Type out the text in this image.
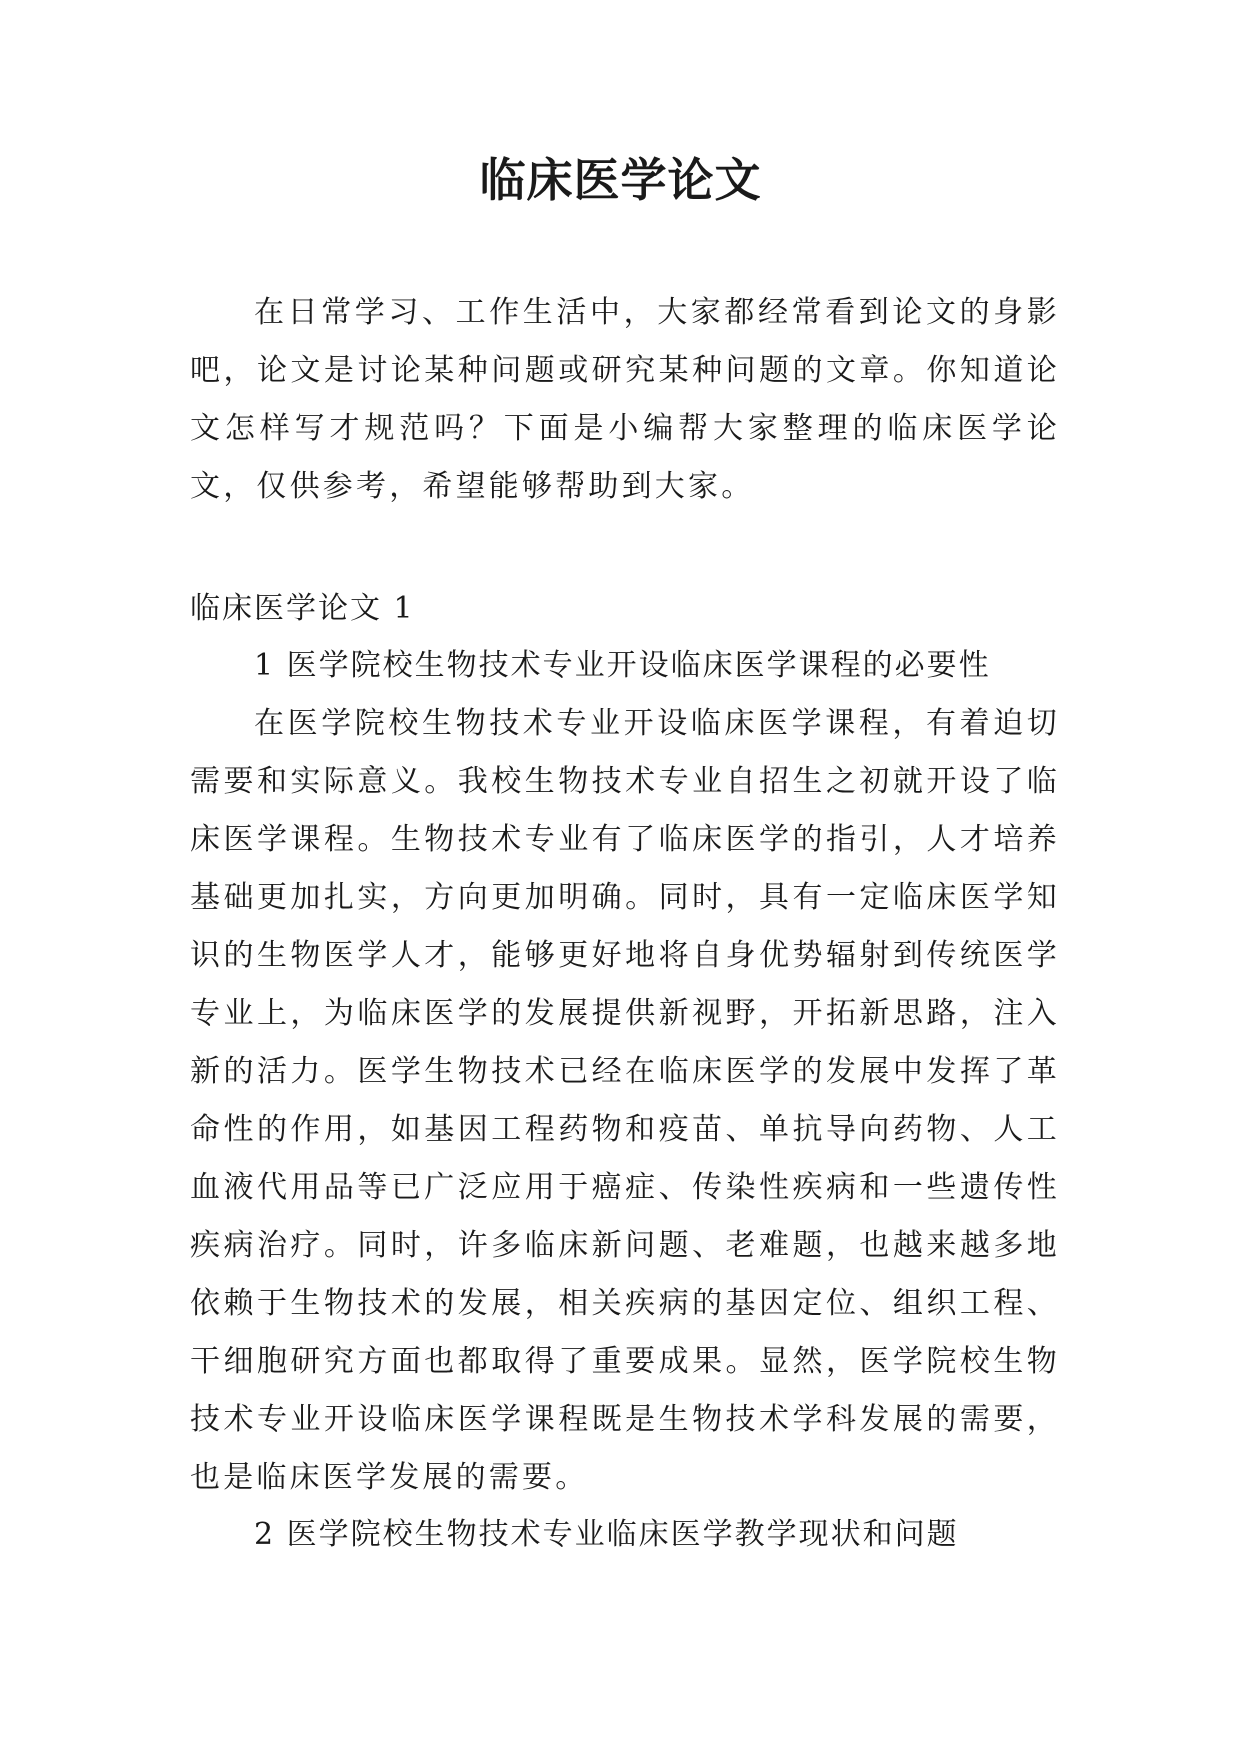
临床医学论文

在日常学习、工作生活中，大家都经常看到论文的身影吧，论文是讨论某种问题或研究某种问题的文章。你知道论文怎样写才规范吗？下面是小编帮大家整理的临床医学论文，仅供参考，希望能够帮助到大家。

临床医学论文 1
1 医学院校生物技术专业开设临床医学课程的必要性

在医学院校生物技术专业开设临床医学课程，有着迫切需要和实际意义。我校生物技术专业自招生之初就开设了临床医学课程。生物技术专业有了临床医学的指引，人才培养基础更加扎实，方向更加明确。同时，具有一定临床医学知识的生物医学人才，能够更好地将自身优势辐射到传统医学专业上，为临床医学的发展提供新视野，开拓新思路，注入新的活力。医学生物技术已经在临床医学的发展中发挥了革命性的作用，如基因工程药物和疫苗、单抗导向药物、人工血液代用品等已广泛应用于癌症、传染性疾病和一些遗传性疾病治疗。同时，许多临床新问题、老难题，也越来越多地依赖于生物技术的发展，相关疾病的基因定位、组织工程、干细胞研究方面也都取得了重要成果。显然，医学院校生物技术专业开设临床医学课程既是生物技术学科发展的需要，也是临床医学发展的需要。

2 医学院校生物技术专业临床医学教学现状和问题
